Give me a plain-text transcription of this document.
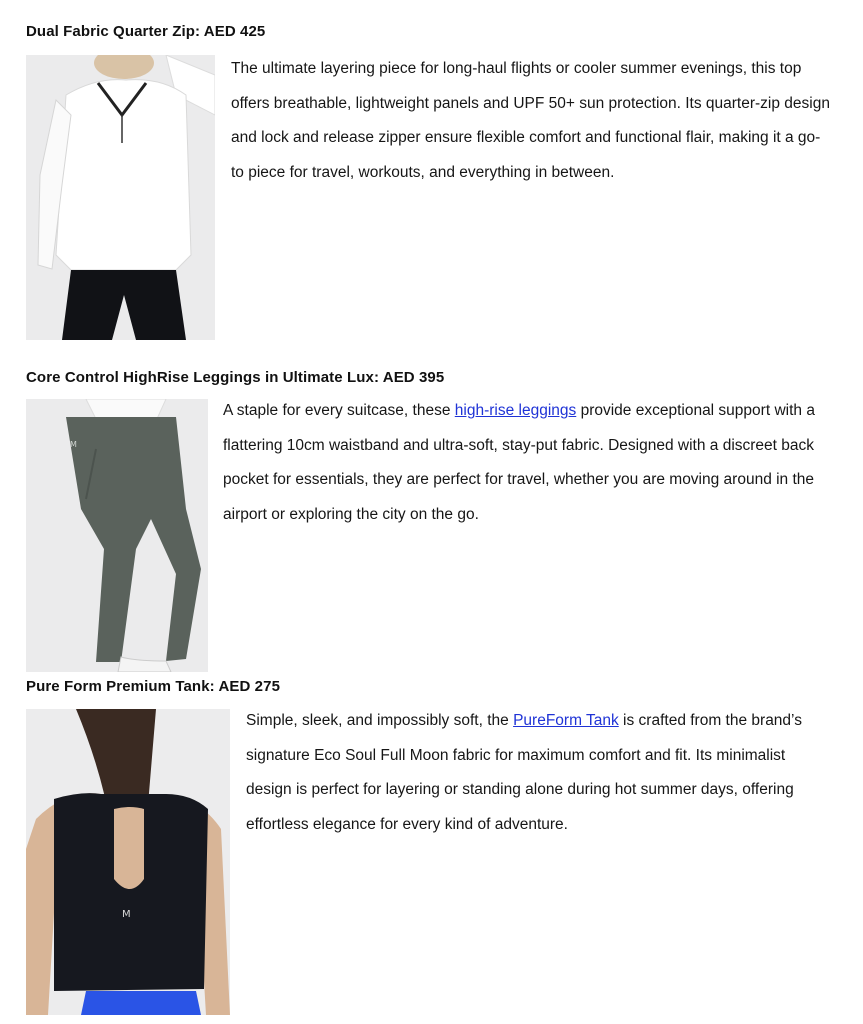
Dual Fabric Quarter Zip: AED 425

The ultimate layering piece for long-haul flights or cooler summer evenings, this top offers breathable, lightweight panels and UPF 50+ sun protection. Its quarter-zip design and lock and release zipper ensure flexible comfort and functional flair, making it a go-to piece for travel, workouts, and everything in between.

Core Control HighRise Leggings in Ultimate Lux: AED 395
M

A staple for every suitcase, these high-rise leggings provide exceptional support with a flattering 10cm waistband and ultra-soft, stay-put fabric. Designed with a discreet back pocket for essentials, they are perfect for travel, whether you are moving around in the airport or exploring the city on the go.

Pure Form Premium Tank: AED 275
M

Simple, sleek, and impossibly soft, the PureForm Tank is crafted from the brand’s signature Eco Soul Full Moon fabric for maximum comfort and fit. Its minimalist design is perfect for layering or standing alone during hot summer days, offering effortless elegance for every kind of adventure.
